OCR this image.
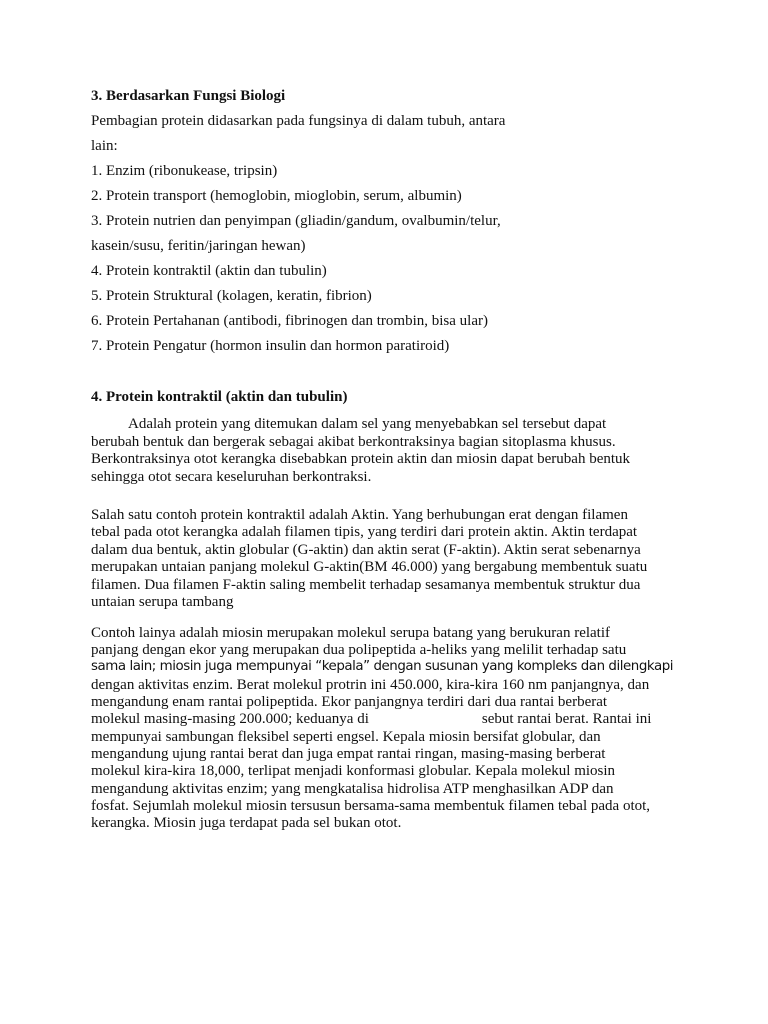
3. Berdasarkan Fungsi Biologi
Pembagian protein didasarkan pada fungsinya di dalam tubuh, antara
lain:
1. Enzim (ribonukease, tripsin)
2. Protein transport (hemoglobin, mioglobin, serum, albumin)
3. Protein nutrien dan penyimpan (gliadin/gandum, ovalbumin/telur,
kasein/susu, feritin/jaringan hewan)
4. Protein kontraktil (aktin dan tubulin)
5. Protein Struktural (kolagen, keratin, fibrion)
6. Protein Pertahanan (antibodi, fibrinogen dan trombin, bisa ular)
7. Protein Pengatur (hormon insulin dan hormon paratiroid)
4. Protein kontraktil (aktin dan tubulin)
Adalah protein yang ditemukan dalam sel yang menyebabkan sel tersebut dapat
berubah bentuk dan bergerak sebagai akibat berkontraksinya bagian sitoplasma khusus.
Berkontraksinya otot kerangka disebabkan protein aktin dan miosin dapat berubah bentuk
sehingga otot secara keseluruhan berkontraksi.
Salah satu contoh protein kontraktil adalah Aktin. Yang berhubungan erat dengan filamen
tebal pada otot kerangka adalah filamen tipis, yang terdiri dari protein aktin. Aktin terdapat
dalam dua bentuk, aktin globular (G-aktin) dan aktin serat (F-aktin). Aktin serat sebenarnya
merupakan untaian panjang molekul G-aktin(BM 46.000) yang bergabung membentuk suatu
filamen. Dua filamen F-aktin saling membelit terhadap sesamanya membentuk struktur dua
untaian serupa tambang
Contoh lainya adalah miosin merupakan molekul serupa batang yang berukuran relatif
panjang dengan ekor yang merupakan dua polipeptida a-heliks yang melilit terhadap satu
sama lain; miosin juga mempunyai “kepala” dengan susunan yang kompleks dan dilengkapi
dengan aktivitas enzim. Berat molekul protrin ini 450.000, kira-kira 160 nm panjangnya, dan
mengandung enam rantai polipeptida. Ekor panjangnya terdiri dari dua rantai berberat
molekul masing-masing 200.000; keduanya di	sebut rantai berat. Rantai ini
mempunyai sambungan fleksibel seperti engsel. Kepala miosin bersifat globular, dan
mengandung ujung rantai berat dan juga empat rantai ringan, masing-masing berberat
molekul kira-kira 18,000, terlipat menjadi konformasi globular. Kepala molekul miosin
mengandung aktivitas enzim; yang mengkatalisa hidrolisa ATP menghasilkan ADP dan
fosfat. Sejumlah molekul miosin tersusun bersama-sama membentuk filamen tebal pada otot,
kerangka. Miosin juga terdapat pada sel bukan otot.
